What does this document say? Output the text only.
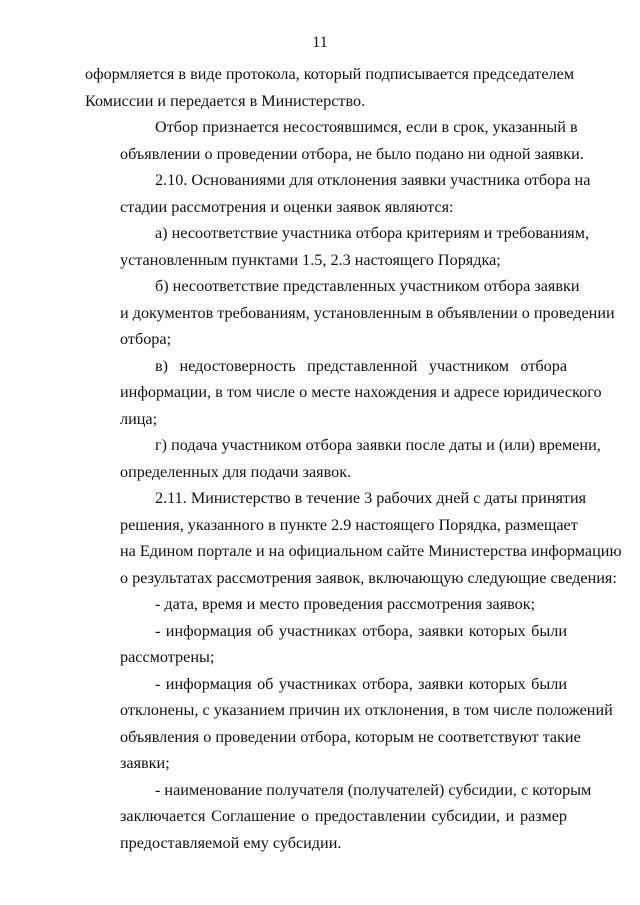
11
оформляется в виде протокола, который подписывается председателем
Комиссии и передается в Министерство.
Отбор признается несостоявшимся, если в срок, указанный в
объявлении о проведении отбора, не было подано ни одной заявки.
2.10. Основаниями для отклонения заявки участника отбора на
стадии рассмотрения и оценки заявок являются:
а) несоответствие участника отбора критериям и требованиям,
установленным пунктами 1.5, 2.3 настоящего Порядка;
б) несоответствие представленных участником отбора заявки
и документов требованиям, установленным в объявлении о проведении
отбора;
в) недостоверность представленной участником отбора
информации, в том числе о месте нахождения и адресе юридического
лица;
г) подача участником отбора заявки после даты и (или) времени,
определенных для подачи заявок.
2.11. Министерство в течение 3 рабочих дней с даты принятия
решения, указанного в пункте 2.9 настоящего Порядка, размещает
на Едином портале и на официальном сайте Министерства информацию
о результатах рассмотрения заявок, включающую следующие сведения:
- дата, время и место проведения рассмотрения заявок;
- информация об участниках отбора, заявки которых были
рассмотрены;
- информация об участниках отбора, заявки которых были
отклонены, с указанием причин их отклонения, в том числе положений
объявления о проведении отбора, которым не соответствуют такие
заявки;
- наименование получателя (получателей) субсидии, с которым
заключается Соглашение о предоставлении субсидии, и размер
предоставляемой ему субсидии.
